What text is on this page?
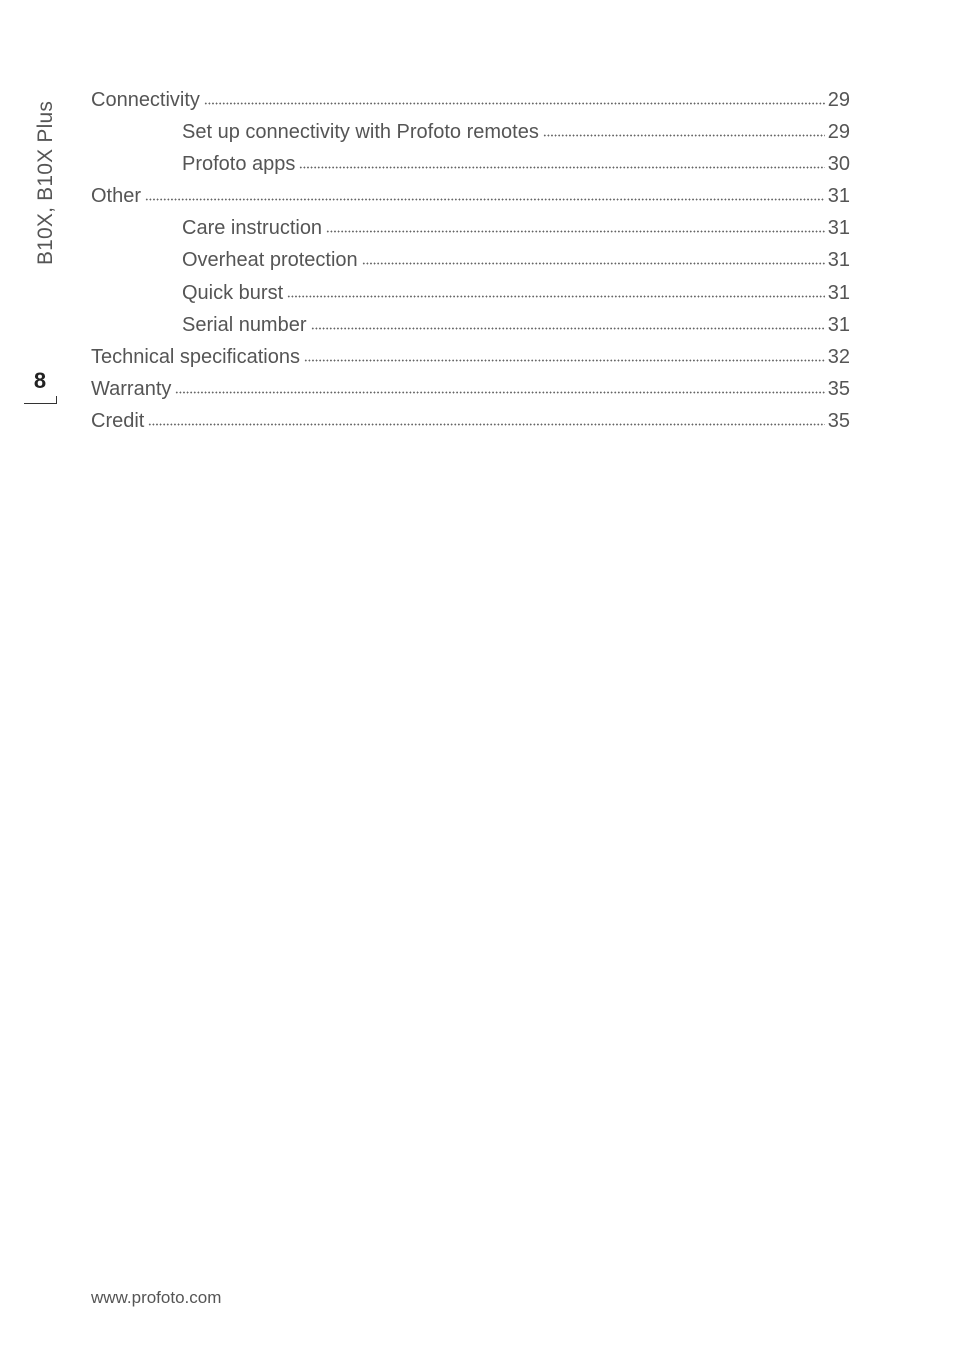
B10X, B10X Plus
8
Connectivity	29
Set up connectivity with Profoto remotes	29
Profoto apps	30
Other	31
Care instruction	31
Overheat protection	31
Quick burst	31
Serial number	31
Technical specifications	32
Warranty	35
Credit	35
www.profoto.com
